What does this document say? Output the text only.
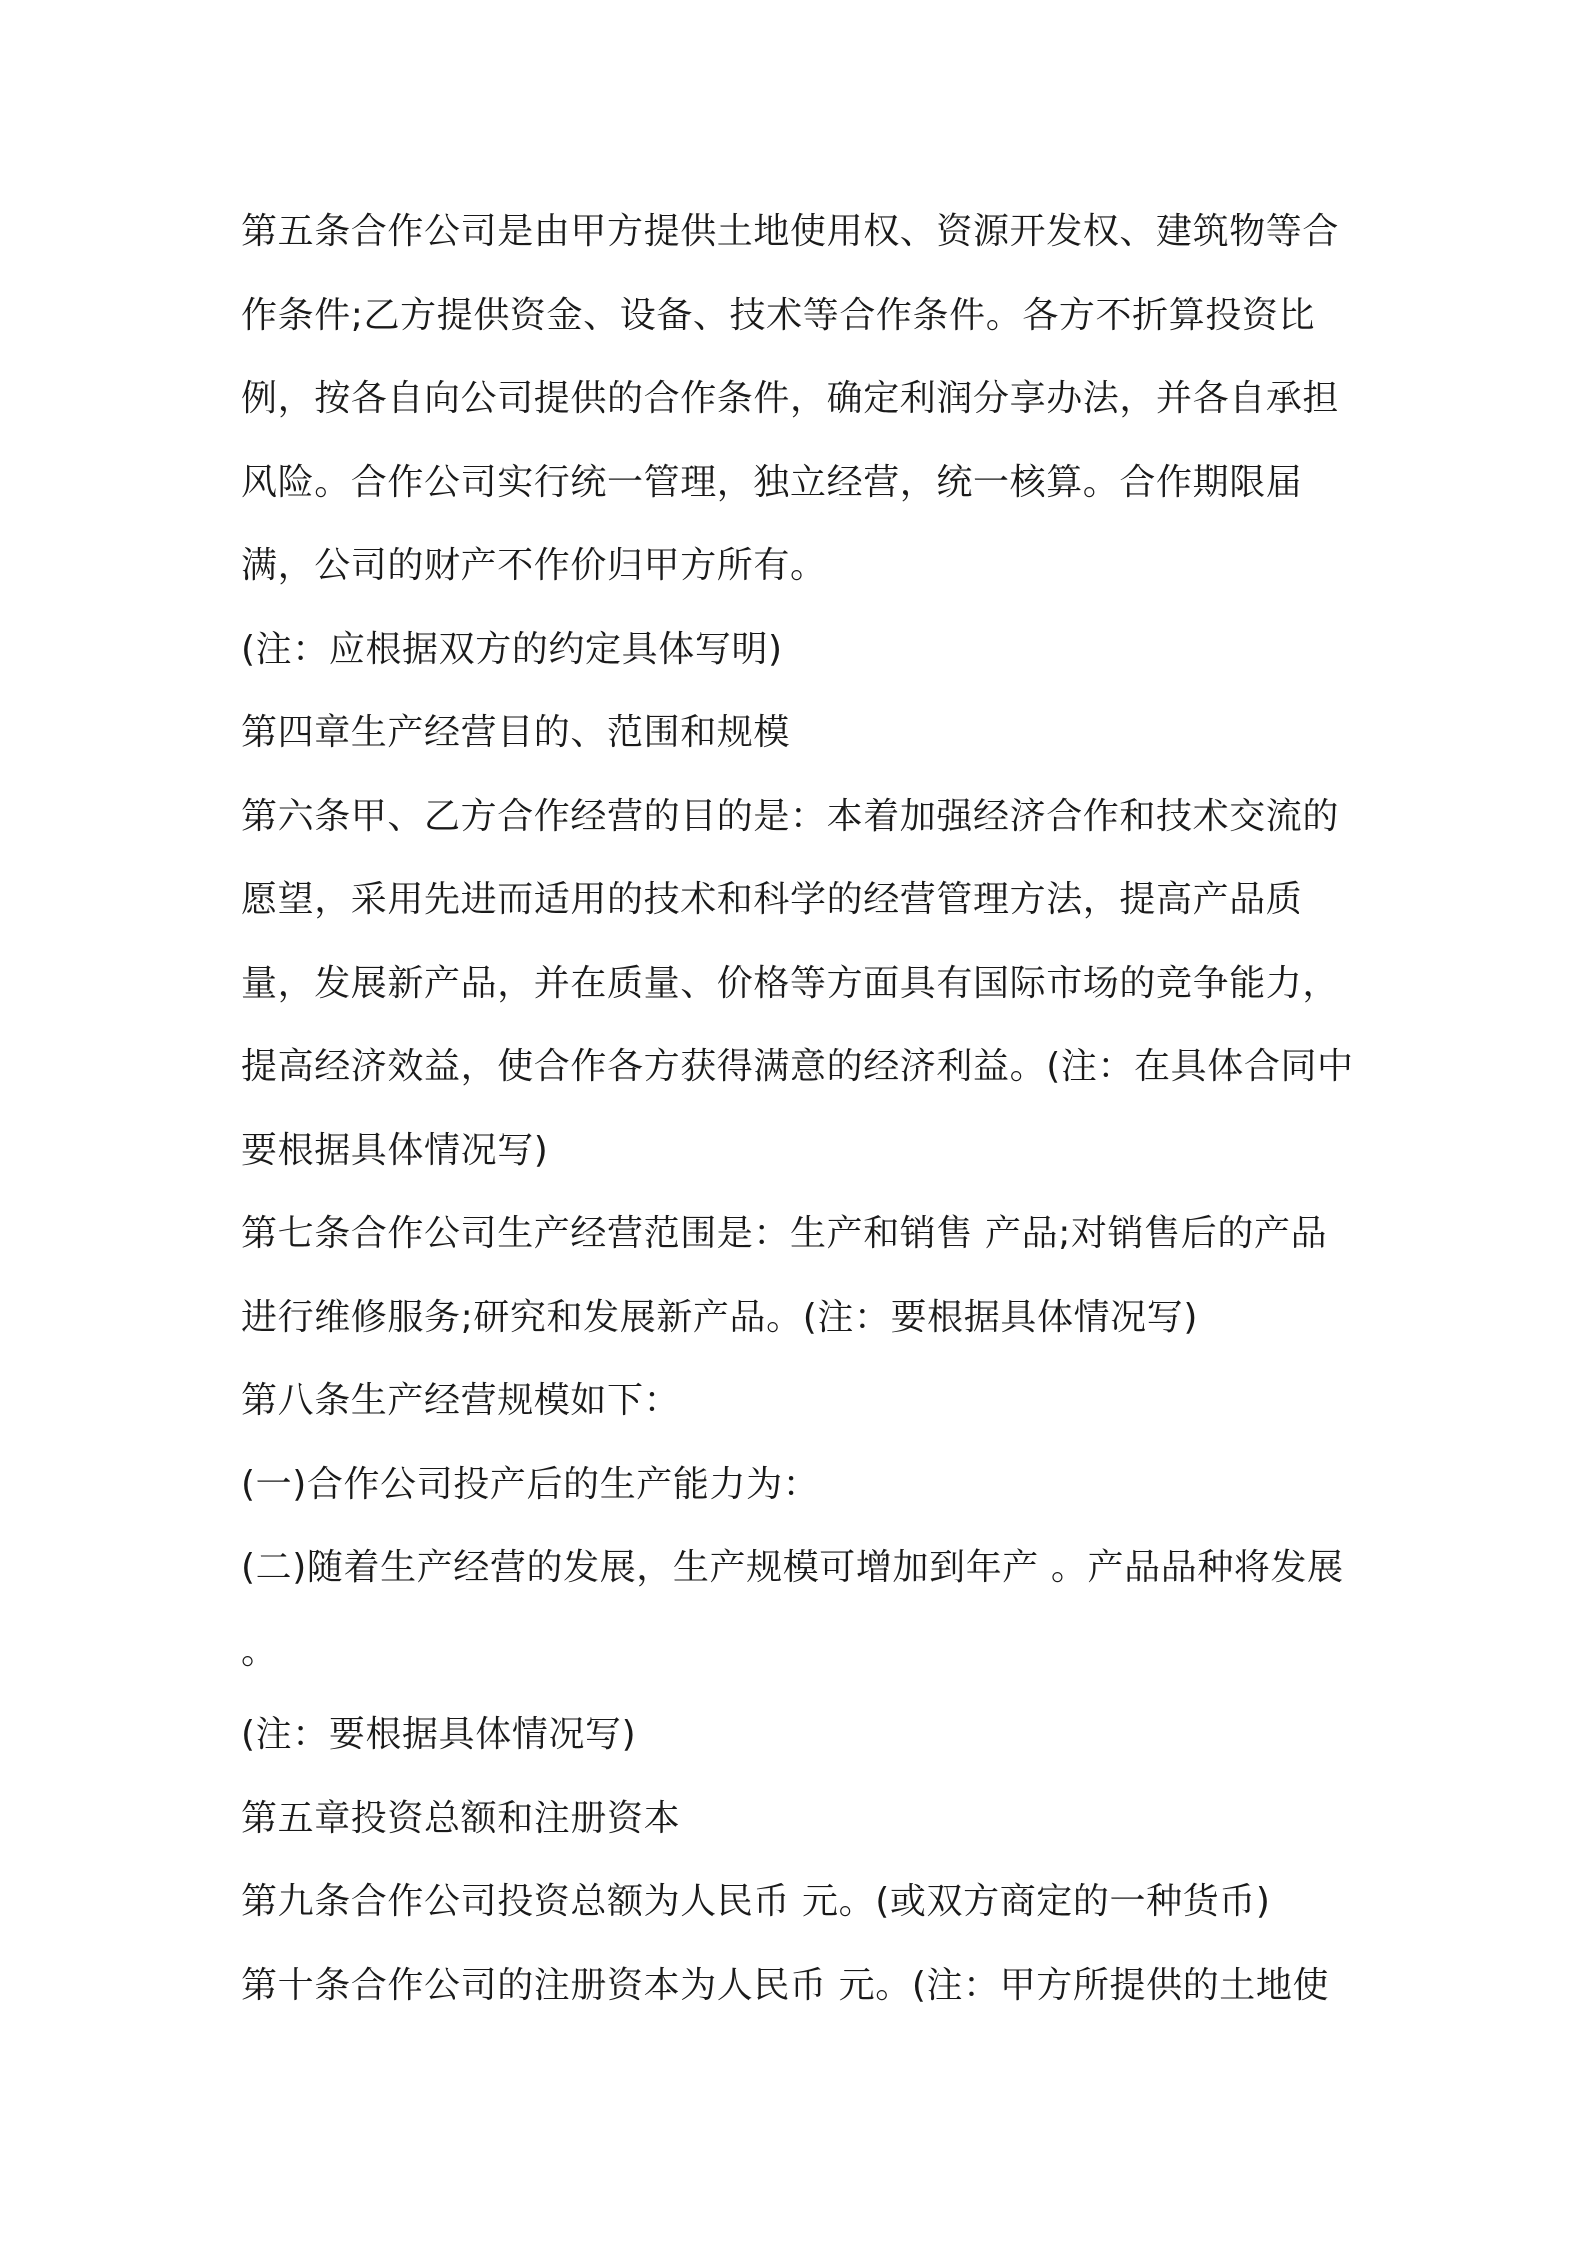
第五条合作公司是由甲方提供土地使用权、资源开发权、建筑物等合作条件;乙方提供资金、设备、技术等合作条件。各方不折算投资比例，按各自向公司提供的合作条件，确定利润分享办法，并各自承担风险。合作公司实行统一管理，独立经营，统一核算。合作期限届满，公司的财产不作价归甲方所有。

(注：应根据双方的约定具体写明)

第四章生产经营目的、范围和规模

第六条甲、乙方合作经营的目的是：本着加强经济合作和技术交流的愿望，采用先进而适用的技术和科学的经营管理方法，提高产品质量，发展新产品，并在质量、价格等方面具有国际市场的竞争能力，提高经济效益，使合作各方获得满意的经济利益。(注：在具体合同中要根据具体情况写)

第七条合作公司生产经营范围是：生产和销售 产品;对销售后的产品进行维修服务;研究和发展新产品。(注：要根据具体情况写)

第八条生产经营规模如下：

(一)合作公司投产后的生产能力为：

(二)随着生产经营的发展，生产规模可增加到年产 。产品品种将发展 。

(注：要根据具体情况写)

第五章投资总额和注册资本

第九条合作公司投资总额为人民币 元。(或双方商定的一种货币)

第十条合作公司的注册资本为人民币 元。(注：甲方所提供的土地使
